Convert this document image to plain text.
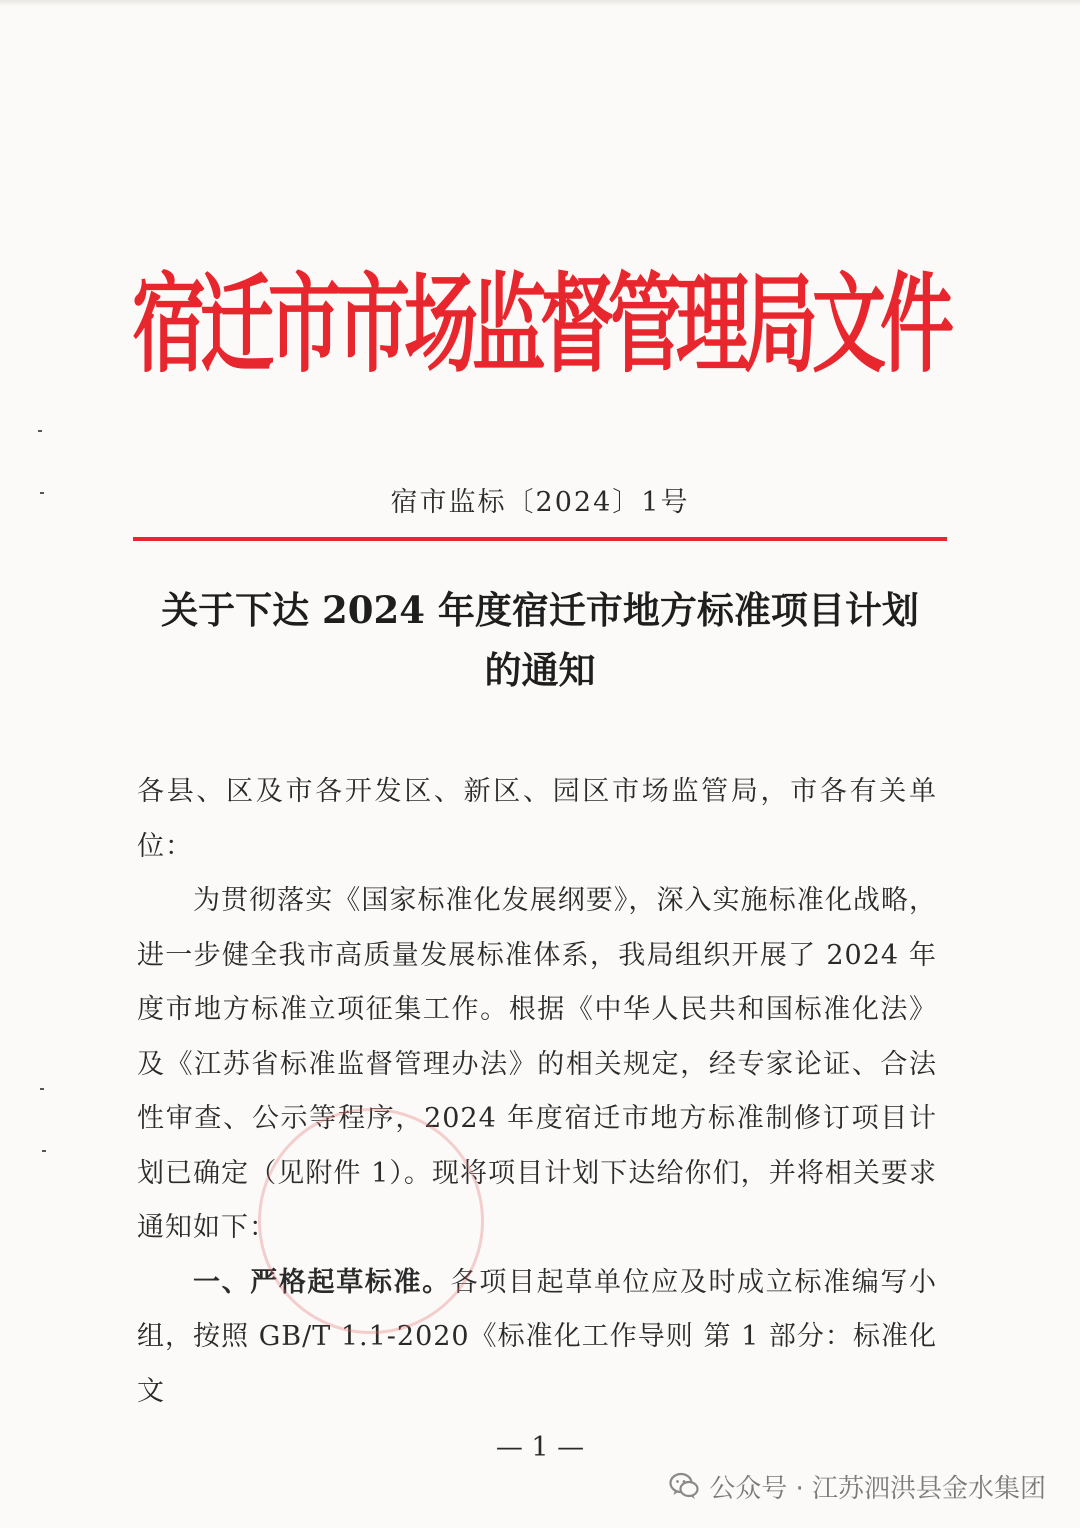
宿迁市市场监督管理局文件
宿市监标〔2024〕1号
关于下达 2024 年度宿迁市地方标准项目计划
的通知

各县、区及市各开发区、新区、园区市场监管局，市各有关单位：

为贯彻落实《国家标准化发展纲要》，深入实施标准化战略，进一步健全我市高质量发展标准体系，我局组织开展了 2024 年度市地方标准立项征集工作。根据《中华人民共和国标准化法》及《江苏省标准监督管理办法》的相关规定，经专家论证、合法性审查、公示等程序，2024 年度宿迁市地方标准制修订项目计划已确定（见附件 1）。现将项目计划下达给你们，并将相关要求通知如下：

一、严格起草标准。各项目起草单位应及时成立标准编写小组，按照 GB/T 1.1-2020《标准化工作导则 第 1 部分：标准化文

— 1 —
公众号 · 江苏泗洪县金水集团
